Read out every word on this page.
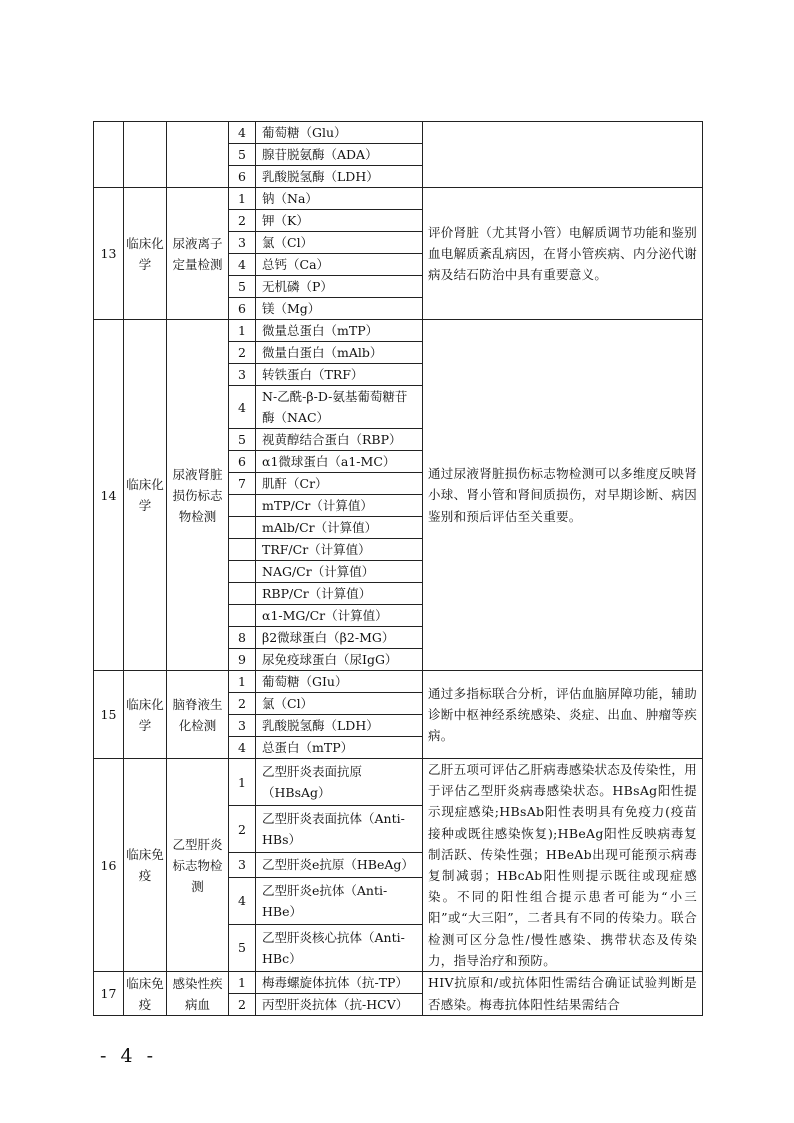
			4	葡萄糖（Glu）	
			5	腺苷脱氨酶（ADA）	
			6	乳酸脱氢酶（LDH）	
13	临床化学	尿液离子定量检测	1	钠（Na）	评价肾脏（尤其肾小管）电解质调节功能和鉴别血电解质紊乱病因，在肾小管疾病、内分泌代谢病及结石防治中具有重要意义。
			2	钾（K）	
			3	氯（Cl）	
			4	总钙（Ca）	
			5	无机磷（P）	
			6	镁（Mg）	
14	临床化学	尿液肾脏损伤标志物检测	1	微量总蛋白（mTP）	通过尿液肾脏损伤标志物检测可以多维度反映肾小球、肾小管和肾间质损伤，对早期诊断、病因鉴别和预后评估至关重要。
			2	微量白蛋白（mAlb）	
			3	转铁蛋白（TRF）	
			4	N-乙酰-β-D-氨基葡萄糖苷酶（NAC）	
			5	视黄醇结合蛋白（RBP）	
			6	α1微球蛋白（a1-MC）	
			7	肌酐（Cr）	
				mTP/Cr（计算值）	
				mAlb/Cr（计算值）	
				TRF/Cr（计算值）	
				NAG/Cr（计算值）	
				RBP/Cr（计算值）	
				α1-MG/Cr（计算值）	
			8	β2微球蛋白（β2-MG）	
			9	尿免疫球蛋白（尿IgG）	
15	临床化学	脑脊液生化检测	1	葡萄糖（GIu）	通过多指标联合分析，评估血脑屏障功能，辅助诊断中枢神经系统感染、炎症、出血、肿瘤等疾病。
			2	氯（Cl）	
			3	乳酸脱氢酶（LDH）	
			4	总蛋白（mTP）	
16	临床免疫	乙型肝炎标志物检测	1	乙型肝炎表面抗原（HBsAg）	乙肝五项可评估乙肝病毒感染状态及传染性，用于评估乙型肝炎病毒感染状态。HBsAg阳性提示现症感染;HBsAb阳性表明具有免疫力(疫苗接种或既往感染恢复);HBeAg阳性反映病毒复制活跃、传染性强；HBeAb出现可能预示病毒复制减弱；HBcAb阳性则提示既往或现症感染。不同的阳性组合提示患者可能为“小三阳”或“大三阳”，二者具有不同的传染力。联合检测可区分急性/慢性感染、携带状态及传染力，指导治疗和预防。
			2	乙型肝炎表面抗体（Anti-HBs）	
			3	乙型肝炎e抗原（HBeAg）	
			4	乙型肝炎e抗体（Anti-HBe）	
			5	乙型肝炎核心抗体（Anti-HBc）	
17	临床免疫	感染性疾病血	1	梅毒螺旋体抗体（抗-TP）	HIV抗原和/或抗体阳性需结合确证试验判断是否感染。梅毒抗体阳性结果需结合
			2	丙型肝炎抗体（抗-HCV）	
- 4 -
